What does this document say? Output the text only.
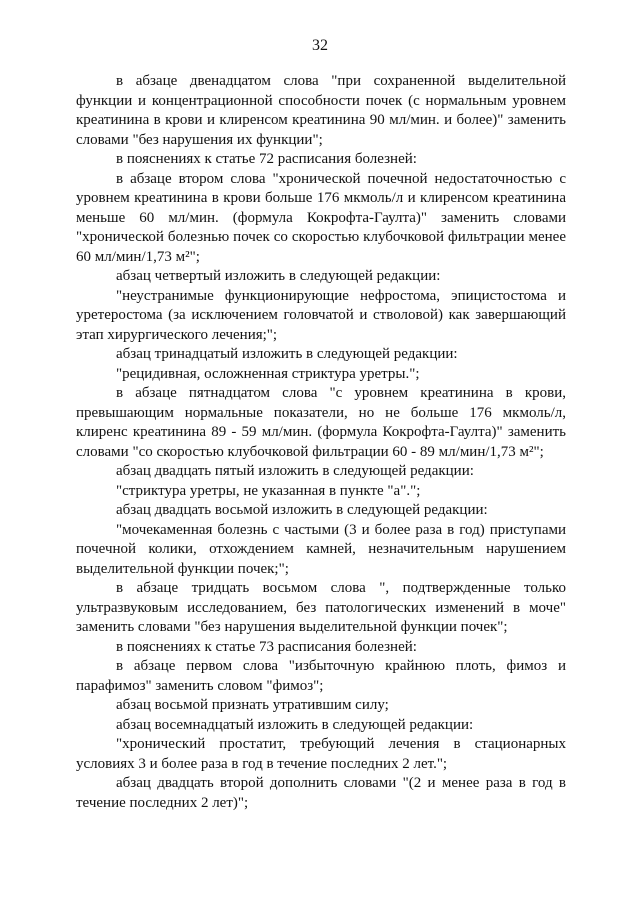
32

в абзаце двенадцатом слова "при сохраненной выделительной функции и концентрационной способности почек (с нормальным уровнем креатинина в крови и клиренсом креатинина 90 мл/мин. и более)" заменить словами "без нарушения их функции";

в пояснениях к статье 72 расписания болезней:

в абзаце втором слова "хронической почечной недостаточностью с уровнем креатинина в крови больше 176 мкмоль/л и клиренсом креатинина меньше 60 мл/мин. (формула Кокрофта-Гаулта)" заменить словами "хронической болезнью почек со скоростью клубочковой фильтрации менее 60 мл/мин/1,73 м²";

абзац четвертый изложить в следующей редакции:

"неустранимые функционирующие нефростома, эпицистостома и уретеростома (за исключением головчатой и стволовой) как завершающий этап хирургического лечения;";

абзац тринадцатый изложить в следующей редакции:

"рецидивная, осложненная стриктура уретры.";

в абзаце пятнадцатом слова "с уровнем креатинина в крови, превышающим нормальные показатели, но не больше 176 мкмоль/л, клиренс креатинина 89 - 59 мл/мин. (формула Кокрофта-Гаулта)" заменить словами "со скоростью клубочковой фильтрации 60 - 89 мл/мин/1,73 м²";

абзац двадцать пятый изложить в следующей редакции:

"стриктура уретры, не указанная в пункте "а".";

абзац двадцать восьмой изложить в следующей редакции:

"мочекаменная болезнь с частыми (3 и более раза в год) приступами почечной колики, отхождением камней, незначительным нарушением выделительной функции почек;";

в абзаце тридцать восьмом слова ", подтвержденные только ультразвуковым исследованием, без патологических изменений в моче" заменить словами "без нарушения выделительной функции почек";

в пояснениях к статье 73 расписания болезней:

в абзаце первом слова "избыточную крайнюю плоть, фимоз и парафимоз" заменить словом "фимоз";

абзац восьмой признать утратившим силу;

абзац восемнадцатый изложить в следующей редакции:

"хронический простатит, требующий лечения в стационарных условиях 3 и более раза в год в течение последних 2 лет.";

абзац двадцать второй дополнить словами "(2 и менее раза в год в течение последних 2 лет)";
